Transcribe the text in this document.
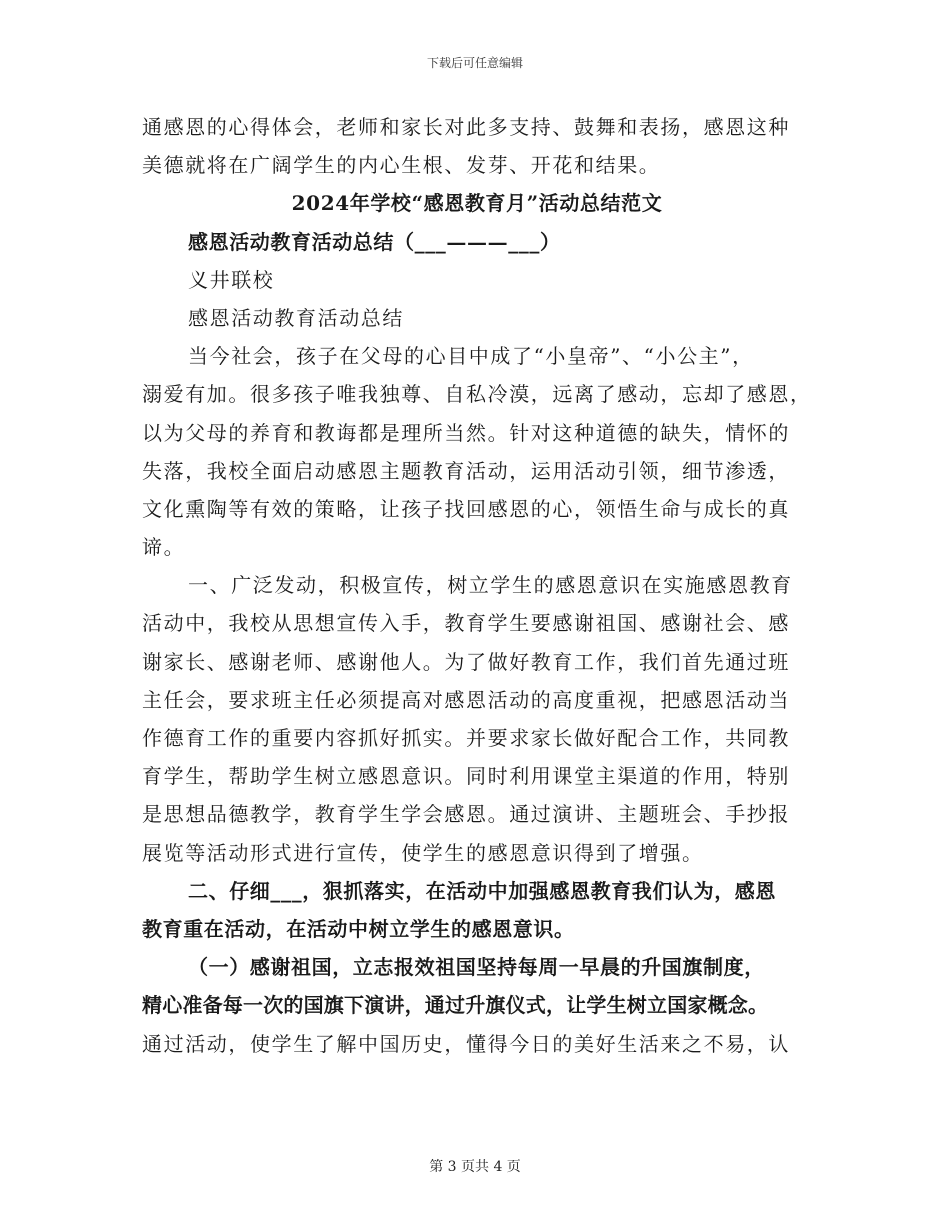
下载后可任意编辑
通感恩的心得体会，老师和家长对此多支持、鼓舞和表扬，感恩这种
美德就将在广阔学生的内心生根、发芽、开花和结果。
2024年学校“感恩教育月”活动总结范文
感恩活动教育活动总结（___———___）
义井联校
感恩活动教育活动总结
当今社会，孩子在父母的心目中成了“小皇帝”、“小公主”，
溺爱有加。很多孩子唯我独尊、自私冷漠，远离了感动，忘却了感恩，
以为父母的养育和教诲都是理所当然。针对这种道德的缺失，情怀的
失落，我校全面启动感恩主题教育活动，运用活动引领，细节渗透，
文化熏陶等有效的策略，让孩子找回感恩的心，领悟生命与成长的真
谛。
一、广泛发动，积极宣传，树立学生的感恩意识在实施感恩教育
活动中，我校从思想宣传入手，教育学生要感谢祖国、感谢社会、感
谢家长、感谢老师、感谢他人。为了做好教育工作，我们首先通过班
主任会，要求班主任必须提高对感恩活动的高度重视，把感恩活动当
作德育工作的重要内容抓好抓实。并要求家长做好配合工作，共同教
育学生，帮助学生树立感恩意识。同时利用课堂主渠道的作用，特别
是思想品德教学，教育学生学会感恩。通过演讲、主题班会、手抄报
展览等活动形式进行宣传，使学生的感恩意识得到了增强。
二、仔细___，狠抓落实，在活动中加强感恩教育我们认为，感恩
教育重在活动，在活动中树立学生的感恩意识。
（一）感谢祖国，立志报效祖国坚持每周一早晨的升国旗制度，
精心准备每一次的国旗下演讲，通过升旗仪式，让学生树立国家概念。
通过活动，使学生了解中国历史，懂得今日的美好生活来之不易，认
第 3 页共 4 页
